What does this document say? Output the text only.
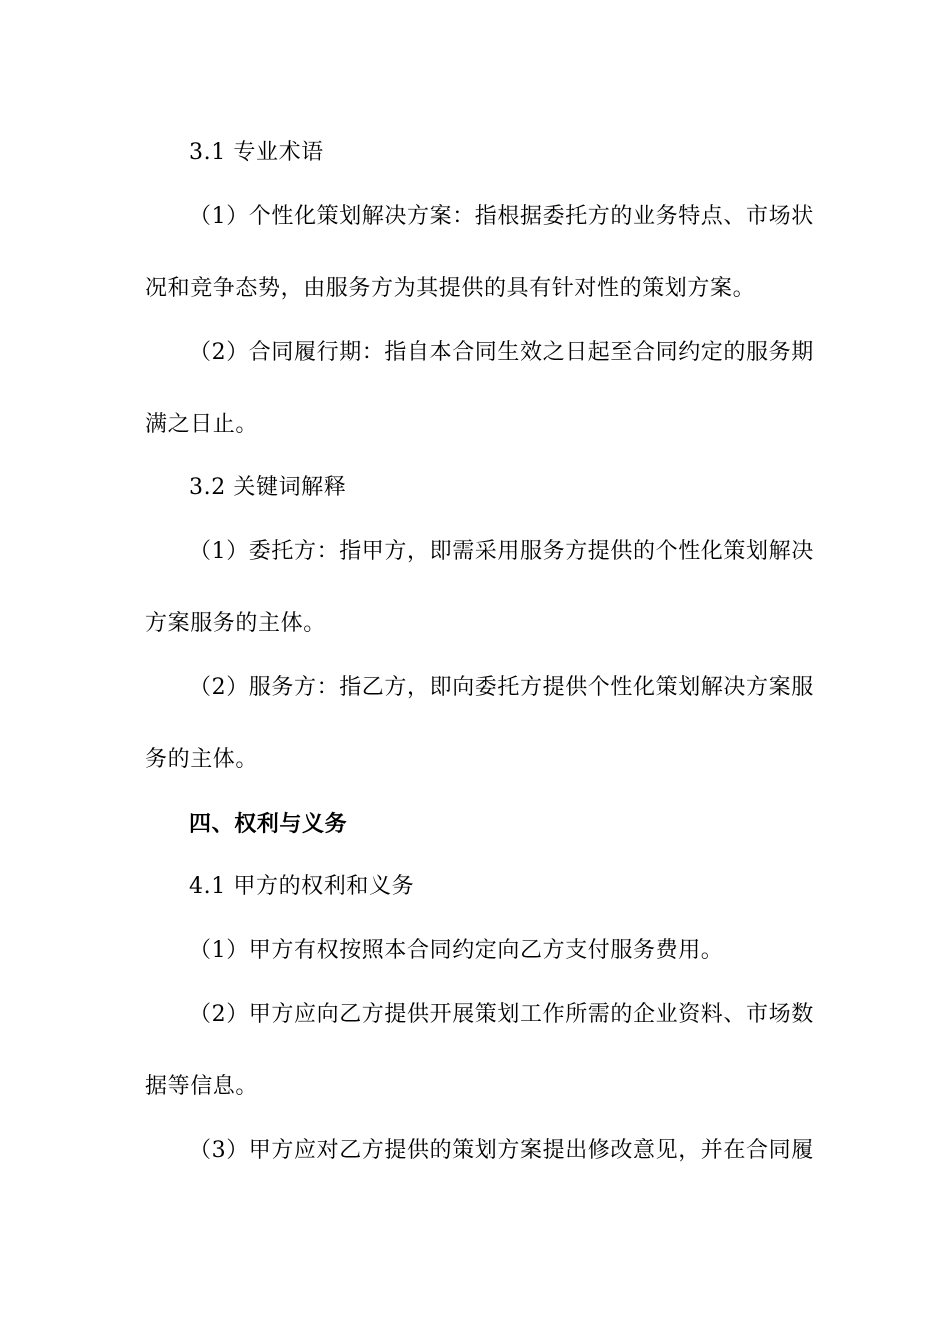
3.1 专业术语
（1）个性化策划解决方案：指根据委托方的业务特点、市场状
况和竞争态势，由服务方为其提供的具有针对性的策划方案。
（2）合同履行期：指自本合同生效之日起至合同约定的服务期
满之日止。
3.2 关键词解释
（1）委托方：指甲方，即需采用服务方提供的个性化策划解决
方案服务的主体。
（2）服务方：指乙方，即向委托方提供个性化策划解决方案服
务的主体。
四、权利与义务
4.1 甲方的权利和义务
（1）甲方有权按照本合同约定向乙方支付服务费用。
（2）甲方应向乙方提供开展策划工作所需的企业资料、市场数
据等信息。
（3）甲方应对乙方提供的策划方案提出修改意见，并在合同履
